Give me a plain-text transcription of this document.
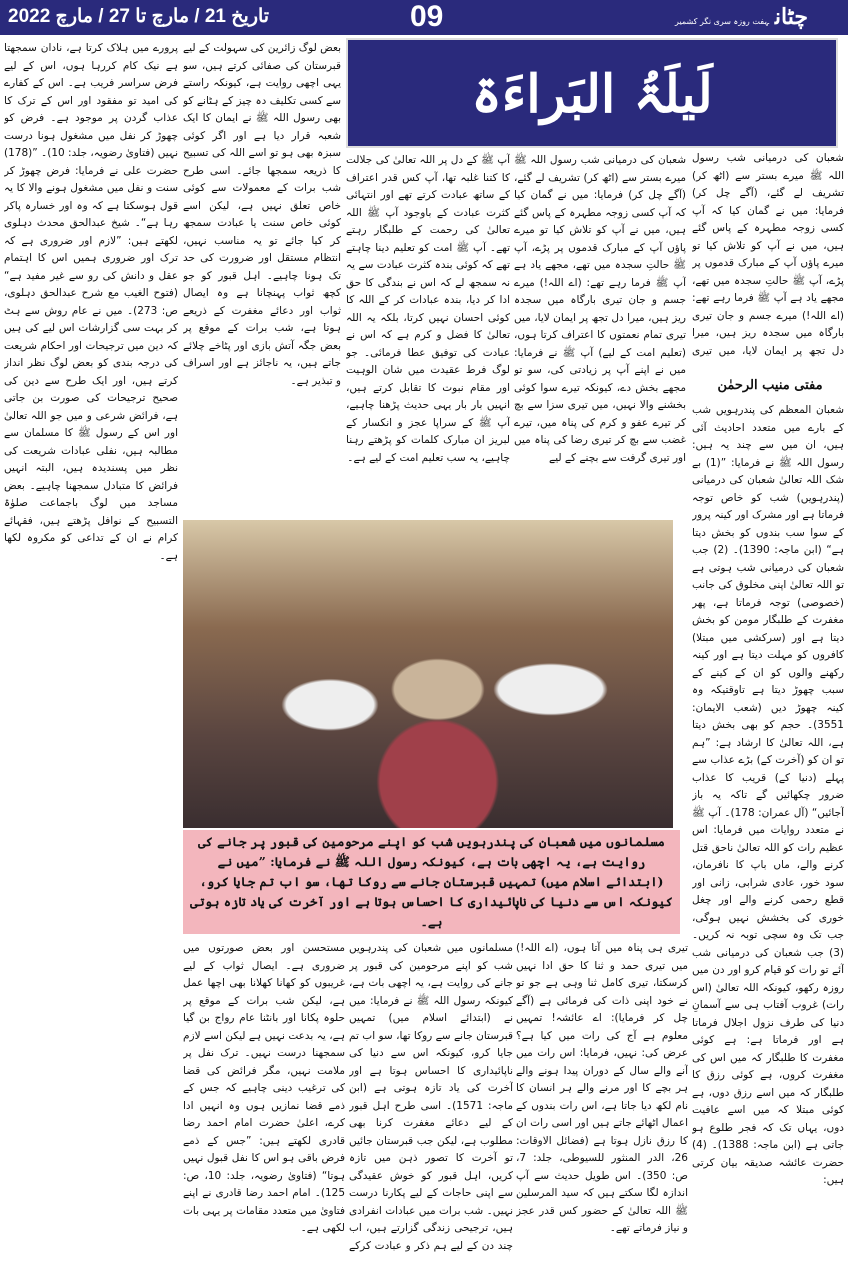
تاریخ 21 / مارچ تا 27 / مارچ 2022	09	چٹانہفت روزہ سری نگر کشمیر
لَیلَۃُ البَراءَۃ
شعبان کی درمیانی شب رسول اللہ ﷺ میرے بستر سے (اٹھ کر) تشریف لے گئے، (آگے چل کر) فرمایا: میں نے گمان کیا کہ آپ کسی زوجہ مطہرہ کے پاس گئے ہیں، میں نے آپ کو تلاش کیا تو میرے پاؤں آپ کے مبارک قدموں پر پڑے، آپ ﷺ حالتِ سجدہ میں تھے، مجھے یاد ہے آپ ﷺ فرما رہے تھے: (اے اللہ!) میرے جسم و جان تیری بارگاہ میں سجدہ ریز ہیں، میرا دل تجھ پر ایمان لایا، میں تیری
مفتی منیب الرحمٰن
شعبان المعظم کی پندرہویں شب کے بارے میں متعدد احادیث آئی ہیں، ان میں سے چند یہ ہیں: رسول اللہ ﷺ نے فرمایا: ”(1) بے شک اللہ تعالیٰ شعبان کی درمیانی (پندرہویں) شب کو خاص توجہ فرماتا ہے اور مشرک اور کینہ پرور کے سوا سب بندوں کو بخش دیتا ہے“ (ابن ماجہ: 1390)۔ (2) جب شعبان کی درمیانی شب ہوتی ہے تو اللہ تعالیٰ اپنی مخلوق کی جانب (خصوصی) توجہ فرماتا ہے، پھر مغفرت کے طلبگار مومن کو بخش دیتا ہے اور (سرکشی میں مبتلا) کافروں کو مہلت دیتا ہے اور کینہ رکھنے والوں کو ان کے کینے کے سبب چھوڑ دیتا ہے تاوقتیکہ وہ کینہ چھوڑ دیں (شعب الایمان: 3551)۔ حجم کو بھی بخش دیتا ہے، اللہ تعالیٰ کا ارشاد ہے: ”ہم تو ان کو (آخرت کے) بڑے عذاب سے پہلے (دنیا کے) قریب کا عذاب ضرور چکھائیں گے تاکہ یہ باز آجائیں“ (آل عمران: 178)۔ آپ ﷺ نے متعدد روایات میں فرمایا: اس عظیم رات کو اللہ تعالیٰ ناحق قتل کرنے والے، ماں باپ کا نافرمان، سود خور، عادی شرابی، زانی اور قطع رحمی کرنے والے اور چغل خوری کی بخشش نہیں ہوگی، جب تک وہ سچی توبہ نہ کریں۔ (3) جب شعبان کی درمیانی شب آئے تو رات کو قیام کرو اور دن میں روزہ رکھو، کیونکہ اللہ تعالیٰ (اس رات) غروب آفتاب ہی سے آسمانِ دنیا کی طرف نزول اجلال فرماتا ہے اور فرماتا ہے: ہے کوئی مغفرت کا طلبگار کہ میں اس کی مغفرت کروں، ہے کوئی رزق کا طلبگار کہ میں اسے رزق دوں، ہے کوئی مبتلا کہ میں اسے عافیت دوں، یہاں تک کہ فجر طلوع ہو جاتی ہے (ابن ماجہ: 1388)۔ (4) حضرت عائشہ صدیقہ بیان کرتی ہیں:
شعبان کی درمیانی شب رسول اللہ ﷺ میرے بستر سے (اٹھ کر) تشریف لے گئے، (آگے چل کر) فرمایا: میں نے گمان کیا کہ آپ کسی زوجہ مطہرہ کے پاس گئے ہیں، میں نے آپ کو تلاش کیا تو میرے پاؤں آپ کے مبارک قدموں پر پڑے، آپ ﷺ حالتِ سجدہ میں تھے، مجھے یاد ہے آپ ﷺ فرما رہے تھے: (اے اللہ!) میرے جسم و جان تیری بارگاہ میں سجدہ ریز ہیں، میرا دل تجھ پر ایمان لایا، میں تیری تمام نعمتوں کا اعتراف کرتا ہوں، (تعلیم امت کے لیے) آپ ﷺ نے فرمایا: میں نے اپنے آپ پر زیادتی کی، سو تو مجھے بخش دے، کیونکہ تیرے سوا کوئی بخشنے والا نہیں، میں تیری سزا سے بچ کر تیرے عفو و کرم کی پناہ میں، تیرے غضب سے بچ کر تیری رضا کی پناہ میں اور تیری گرفت سے بچنے کے لیے
آپ ﷺ کے دل پر اللہ تعالیٰ کی جلالت کا کتنا غلبہ تھا، آپ کس قدر اعتراف کے ساتھ عبادت کرتے تھے اور انتہائی کثرت عبادت کے باوجود آپ ﷺ اللہ تعالیٰ کی رحمت کے طلبگار رہتے تھے۔ آپ ﷺ امت کو تعلیم دینا چاہتے تھے کہ کوئی بندہ کثرت عبادت سے یہ نہ سمجھ لے کہ اس نے بندگی کا حق ادا کر دیا، بندہ عبادات کر کے اللہ کا کوئی احسان نہیں کرتا، بلکہ یہ اللہ تعالیٰ کا فضل و کرم ہے کہ اس نے عبادت کی توفیق عطا فرمائی۔ جو لوگ فرط عقیدت میں شان الوہیت اور مقام نبوت کا تقابل کرتے ہیں، انہیں بار بار یہی حدیث پڑھنا چاہیے، آپ ﷺ کے سراپا عجز و انکسار کے لبریز ان مبارک کلمات کو پڑھتے رہنا چاہیے، یہ سب تعلیم امت کے لیے ہے۔
بعض لوگ زائرین کی سہولت کے لیے قبرستان کی صفائی کرتے ہیں، سو یہی اچھی روایت ہے، کیونکہ راستے سے کسی تکلیف دہ چیز کے ہٹانے کو بھی رسول اللہ ﷺ نے ایمان کا ایک شعبہ قرار دیا ہے اور اگر کوئی سبزہ بھی ہو تو اسے اللہ کی تسبیح کا ذریعہ سمجھا جائے۔ اسی طرح شب برات کے معمولات سے کوئی خاص تعلق نہیں ہے، لیکن اسے کوئی خاص سنت یا عبادت سمجھ کر کیا جائے تو یہ مناسب نہیں، انتظام مستقل اور ضرورت کی حد تک ہونا چاہیے۔ اہل قبور کو جو کچھ ثواب پہنچانا ہے وہ ایصال ثواب اور دعائے مغفرت کے ذریعے ہوتا ہے، شب برات کے موقع پر بعض جگہ آتش بازی اور پٹاخے چلائے جاتے ہیں، یہ ناجائز ہے اور اسراف و تبذیر ہے۔
پرورے میں ہلاک کرتا ہے، نادان سمجھتا ہے نیک کام کررہا ہوں، اس کے لیے فرض سراسر فریب ہے۔ اس کے کفارے کی امید تو مفقود اور اس کے ترک کا عذاب گردن پر موجود ہے۔ فرض کو چھوڑ کر نفل میں مشغول ہونا درست نہیں (فتاویٰ رضویہ، جلد: 10)۔ ”(178) حضرت علی نے فرمایا: فرض چھوڑ کر سنت و نفل میں مشغول ہونے والا کا یہ قول ہوسکتا ہے کہ وہ اور خسارہ پاکر رہا ہے“۔ شیخ عبدالحق محدث دہلوی لکھتے ہیں: ”لازم اور ضروری ہے کہ ترک اور ضروری ہمیں اس کا اہتمام عقل و دانش کی رو سے غیر مفید ہے“ (فتوح الغیب مع شرح عبدالحق دہلوی، ص: 273)۔ میں نے عام روش سے ہٹ کر بہت سی گزارشات اس لیے کی ہیں کہ دین میں ترجیحات اور احکام شریعت کی درجہ بندی کو بعض لوگ نظر انداز کرتے ہیں، اور ایک طرح سے دین کی صحیح ترجیحات کی صورت بن جاتی ہے، فرائض شرعی و میں جو اللہ تعالیٰ اور اس کے رسول ﷺ کا مسلمان سے مطالبہ ہیں، نفلی عبادات شریعت کی نظر میں پسندیدہ ہیں، البتہ انہیں فرائض کا متبادل سمجھنا چاہیے۔ بعض مساجد میں لوگ باجماعت صلوٰۃ التسبیح کے نوافل پڑھتے ہیں، فقہائے کرام نے ان کے تداعی کو مکروہ لکھا ہے۔
مسلمانوں میں شعبان کی پندرہویں شب کو اپنے مرحومین کی قبور پر جانے کی روایت ہے، یہ اچھی بات ہے، کیونکہ رسول اللہ ﷺ نے فرمایا: ”میں نے (ابتدائے اسلام میں) تمہیں قبرستان جانے سے روکا تھا، سو اب تم جایا کرو، کیونکہ اس سے دنیا کی ناپائیداری کا احساس ہوتا ہے اور آخرت کی یاد تازہ ہوتی ہے۔
تیری ہی پناہ میں آتا ہوں، (اے اللہ!) میں تیری حمد و ثنا کا حق ادا نہیں کرسکتا، تیری کامل ثنا وہی ہے جو تو نے خود اپنی ذات کی فرمائی ہے (آگے چل کر فرمایا): اے عائشہ! تمہیں معلوم ہے آج کی رات میں کیا ہے؟ عرض کی: نہیں، فرمایا: اس رات میں آنے والے سال کے دوران پیدا ہونے والے ہر بچے کا اور مرنے والے ہر انسان کا نام لکھ دیا جاتا ہے، اس رات بندوں کے اعمال اٹھائے جاتے ہیں اور اسی رات ان کا رزق نازل ہوتا ہے (فضائل الاوقات: 26، الدر المنثور للسیوطی، جلد: 7، ص: 350)۔ اس طویل حدیث سے آپ اندازہ لگا سکتے ہیں کہ سید المرسلین ﷺ اللہ تعالیٰ کے حضور کس قدر عجز و نیاز فرماتے تھے۔
مسلمانوں میں شعبان کی پندرہویں شب کو اپنے مرحومین کی قبور پر جانے کی روایت ہے، یہ اچھی بات ہے، کیونکہ رسول اللہ ﷺ نے فرمایا: میں نے (ابتدائے اسلام میں) تمہیں قبرستان جانے سے روکا تھا، سو اب تم جایا کرو، کیونکہ اس سے دنیا کی ناپائیداری کا احساس ہوتا ہے اور آخرت کی یاد تازہ ہوتی ہے (ابن ماجہ: 1571)۔ اسی طرح اہل قبور کے لیے دعائے مغفرت کرنا بھی مطلوب ہے، لیکن جب قبرستان جائیں تو آخرت کا تصور ذہن میں تازہ کریں، اہل قبور کو خوش عقیدگی سے اپنی حاجات کے لیے پکارنا درست نہیں۔ شب برات میں عبادات انفرادی ہیں، ترجیحی زندگی گزارتے ہیں، اب چند دن کے لیے ہم ذکر و عبادت کرکے
مستحسن اور بعض صورتوں میں ضروری ہے۔ ایصال ثواب کے لیے غریبوں کو کھانا کھلانا بھی اچھا عمل ہے، لیکن شب برات کے موقع پر حلوہ پکانا اور بانٹنا عام رواج بن گیا ہے، یہ بدعت نہیں ہے لیکن اسے لازم سمجھنا درست نہیں۔ ترک نفل پر ملامت نہیں، مگر فرائض کی قضا کی ترغیب دینی چاہیے کہ جس کے ذمے قضا نمازیں ہوں وہ انہیں ادا کرے، اعلیٰ حضرت امام احمد رضا قادری لکھتے ہیں: ”جس کے ذمے فرض باقی ہو اس کا نفل قبول نہیں ہوتا“ (فتاویٰ رضویہ، جلد: 10، ص: 125)۔ امام احمد رضا قادری نے اپنے فتاویٰ میں متعدد مقامات پر یہی بات لکھی ہے۔
